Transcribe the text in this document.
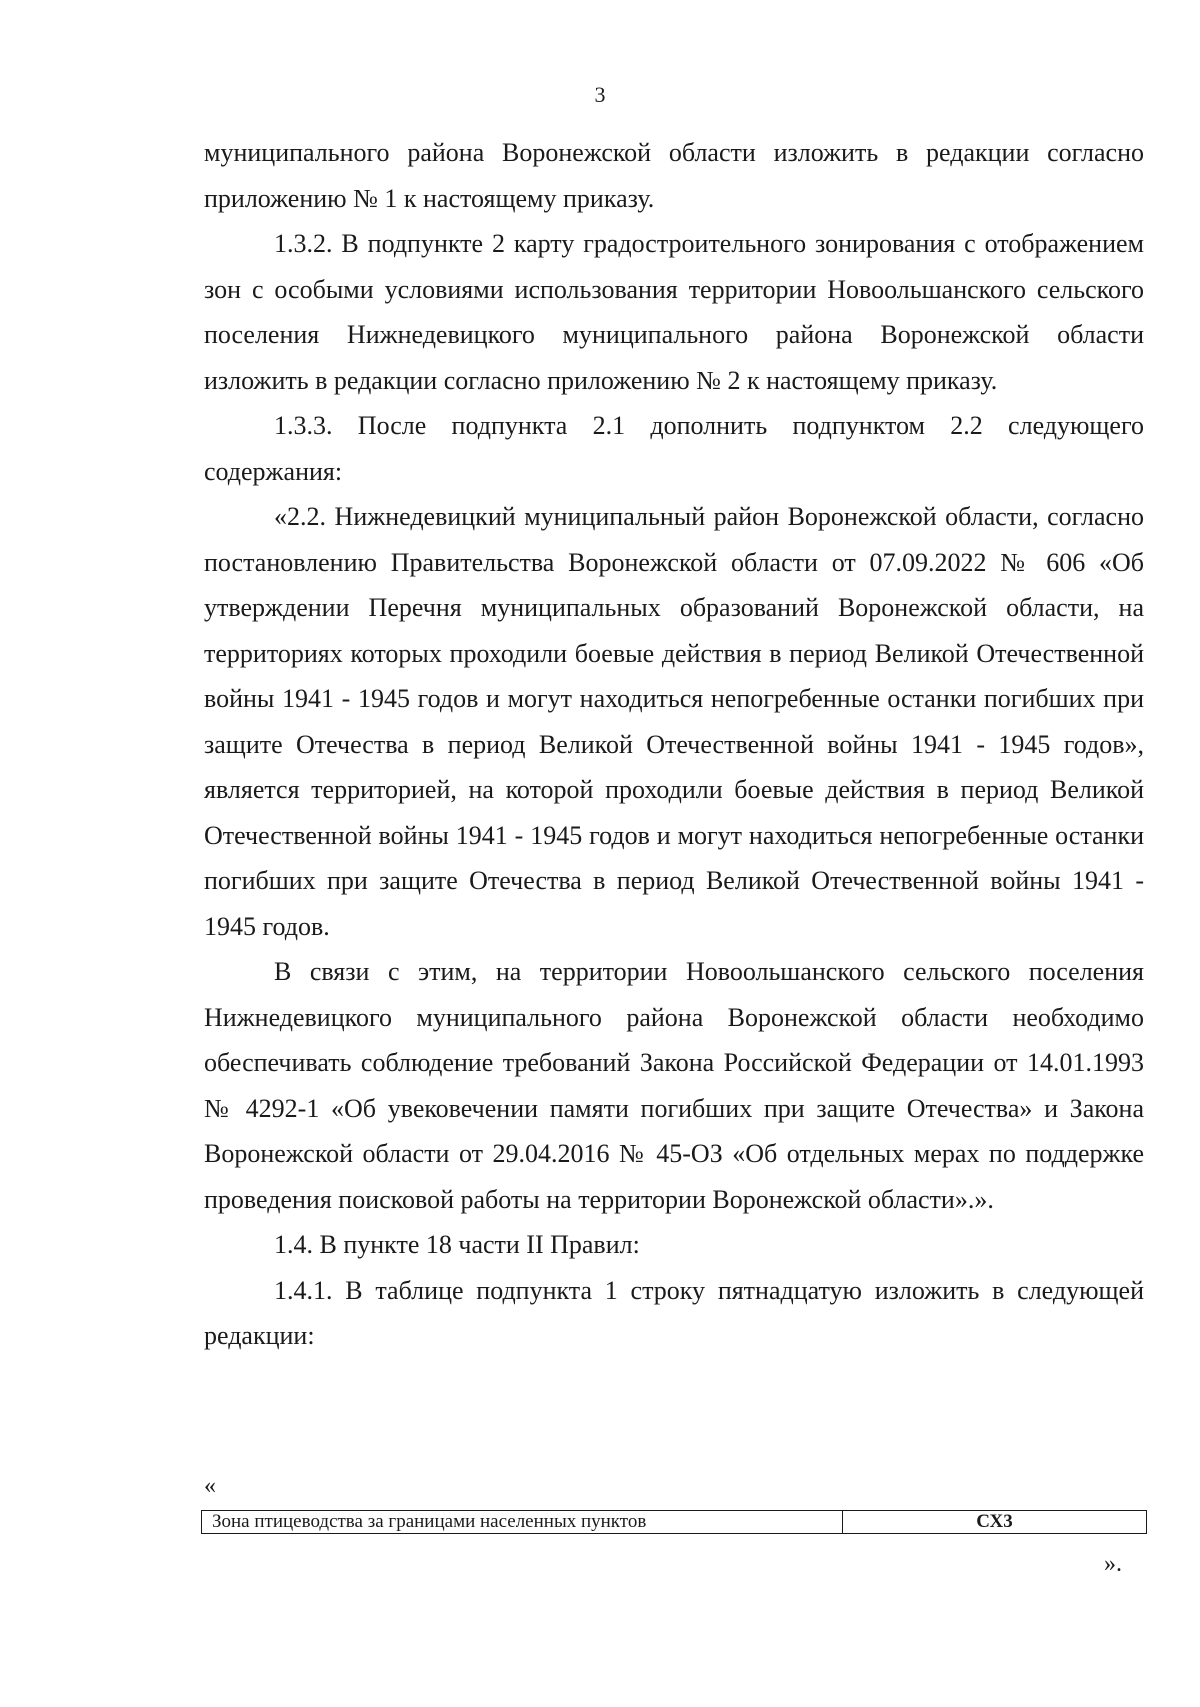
3

муниципального района Воронежской области изложить в редакции согласно приложению № 1 к настоящему приказу.

1.3.2. В подпункте 2 карту градостроительного зонирования с отображением зон с особыми условиями использования территории Новоольшанского сельского поселения Нижнедевицкого муниципального района Воронежской области изложить в редакции согласно приложению № 2 к настоящему приказу.

1.3.3. После подпункта 2.1 дополнить подпунктом 2.2 следующего содержания:

«2.2. Нижнедевицкий муниципальный район Воронежской области, согласно постановлению Правительства Воронежской области от 07.09.2022 № 606 «Об утверждении Перечня муниципальных образований Воронежской области, на территориях которых проходили боевые действия в период Великой Отечественной войны 1941 - 1945 годов и могут находиться непогребенные останки погибших при защите Отечества в период Великой Отечественной войны 1941 - 1945 годов», является территорией, на которой проходили боевые действия в период Великой Отечественной войны 1941 - 1945 годов и могут находиться непогребенные останки погибших при защите Отечества в период Великой Отечественной войны 1941 - 1945 годов.

В связи с этим, на территории Новоольшанского сельского поселения Нижнедевицкого муниципального района Воронежской области необходимо обеспечивать соблюдение требований Закона Российской Федерации от 14.01.1993 № 4292-1 «Об увековечении памяти погибших при защите Отечества» и Закона Воронежской области от 29.04.2016 № 45-ОЗ «Об отдельных мерах по поддержке проведения поисковой работы на территории Воронежской области».».

1.4. В пункте 18 части II Правил:

1.4.1. В таблице подпункта 1 строку пятнадцатую изложить в следующей редакции:

«
Зона птицеводства за границами населенных пунктов	СХ3
».
